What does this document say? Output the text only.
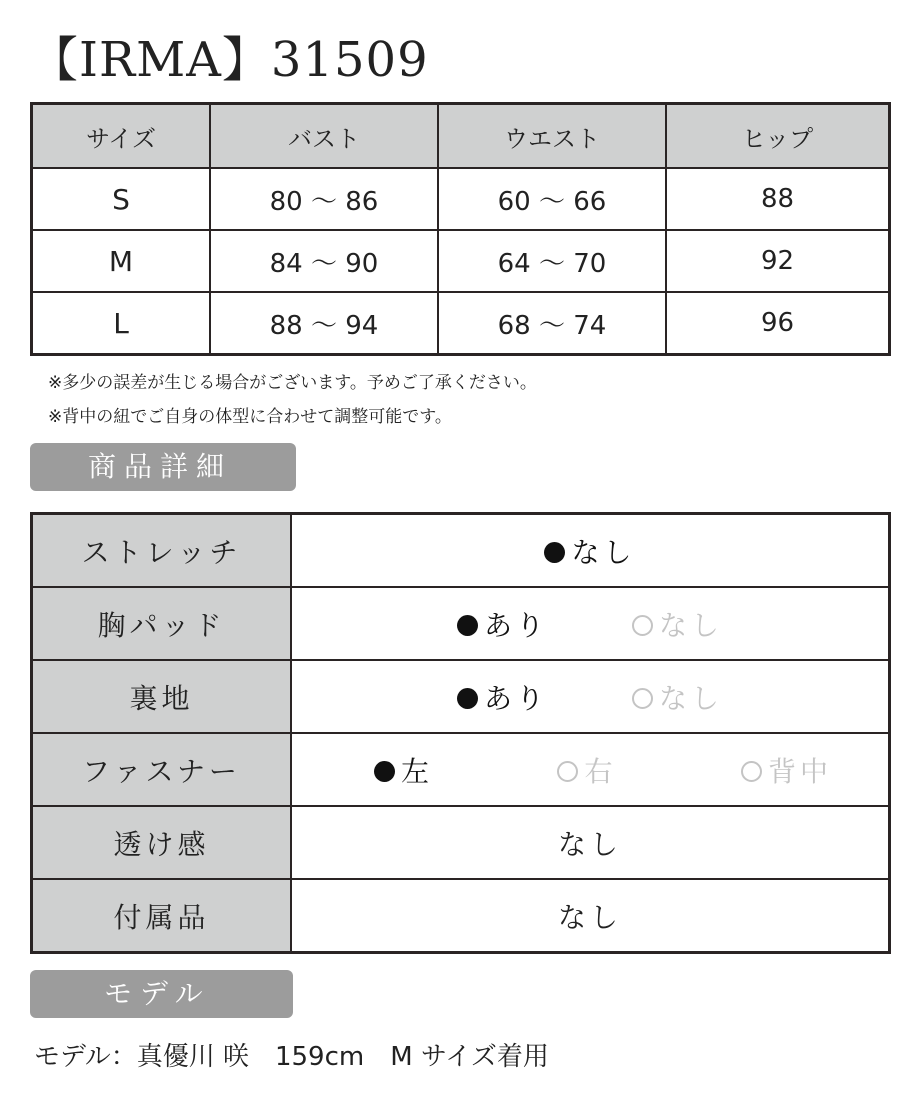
【IRMA】31509
サイズ	バスト	ウエスト	ヒップ
S	80 〜 86	60 〜 66	88
M	84 〜 90	64 〜 70	92
L	88 〜 94	68 〜 74	96
※多少の誤差が生じる場合がございます。予めご了承ください。
※背中の紐でご自身の体型に合わせて調整可能です。
商品詳細
ストレッチ	なし
胸パッド	あり なし

裏地	あり なし

ファスナー	左 右 背中

透け感	なし
付属品	なし
モデル
モデル：真優川 咲　159cm　M サイズ着用
